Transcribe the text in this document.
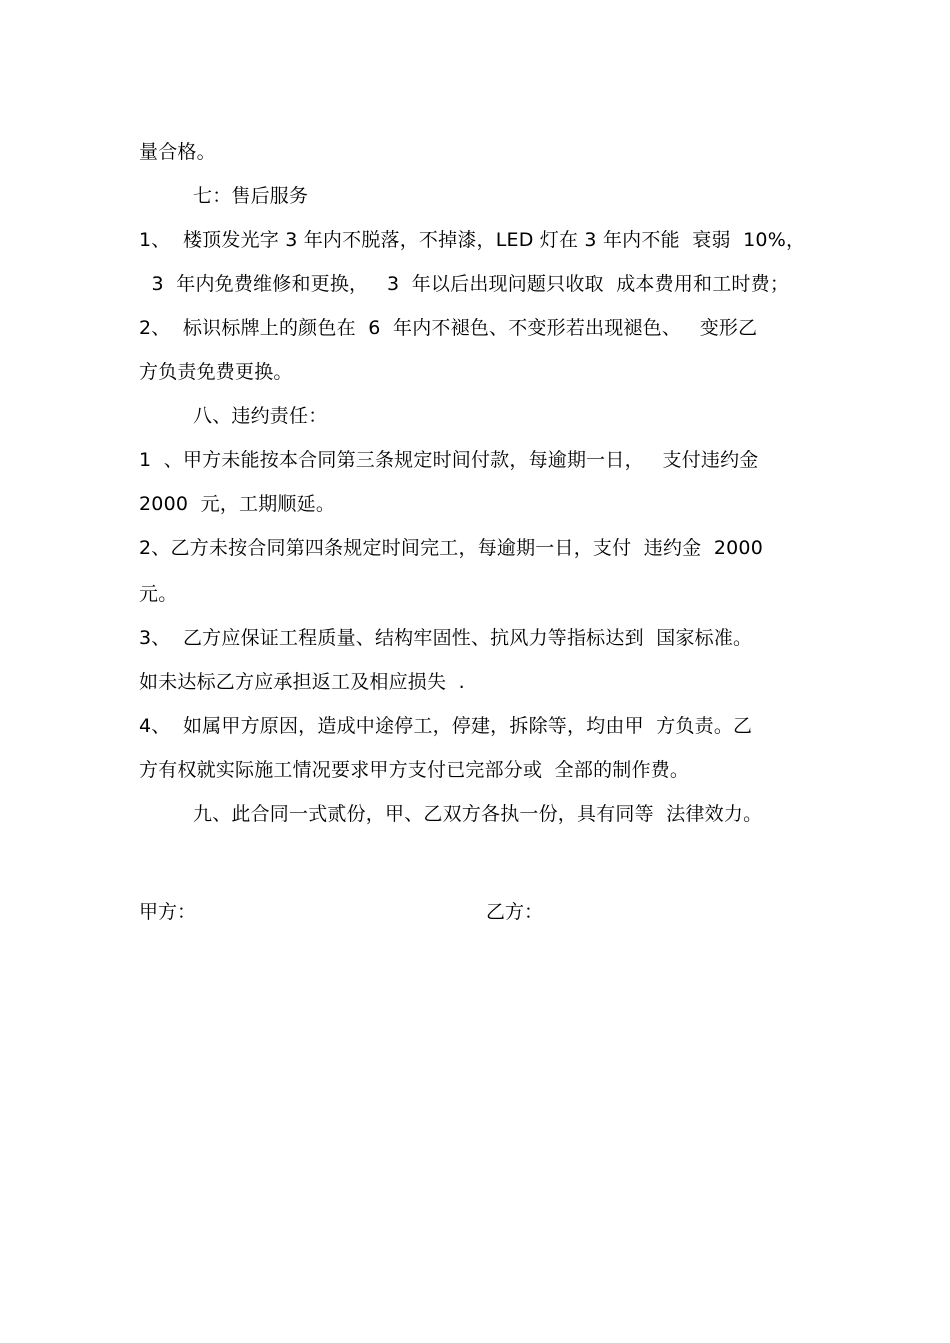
量合格。
七：售后服务
1、  楼顶发光字 3 年内不脱落，不掉漆，LED 灯在 3 年内不能  衰弱  10%，
3  年内免费维修和更换，   3  年以后出现问题只收取  成本费用和工时费；
2、  标识标牌上的颜色在  6  年内不褪色、不变形若出现褪色、   变形乙
方负责免费更换。
八、违约责任：
1  、甲方未能按本合同第三条规定时间付款，每逾期一日，   支付违约金
2000  元，工期顺延。
2、乙方未按合同第四条规定时间完工，每逾期一日，支付  违约金  2000
元。
3、  乙方应保证工程质量、结构牢固性、抗风力等指标达到  国家标准。
如未达标乙方应承担返工及相应损失  .
4、  如属甲方原因，造成中途停工，停建，拆除等，均由甲  方负责。乙
方有权就实际施工情况要求甲方支付已完部分或  全部的制作费。
九、此合同一式贰份，甲、乙双方各执一份，具有同等  法律效力。
甲方：	乙方：
